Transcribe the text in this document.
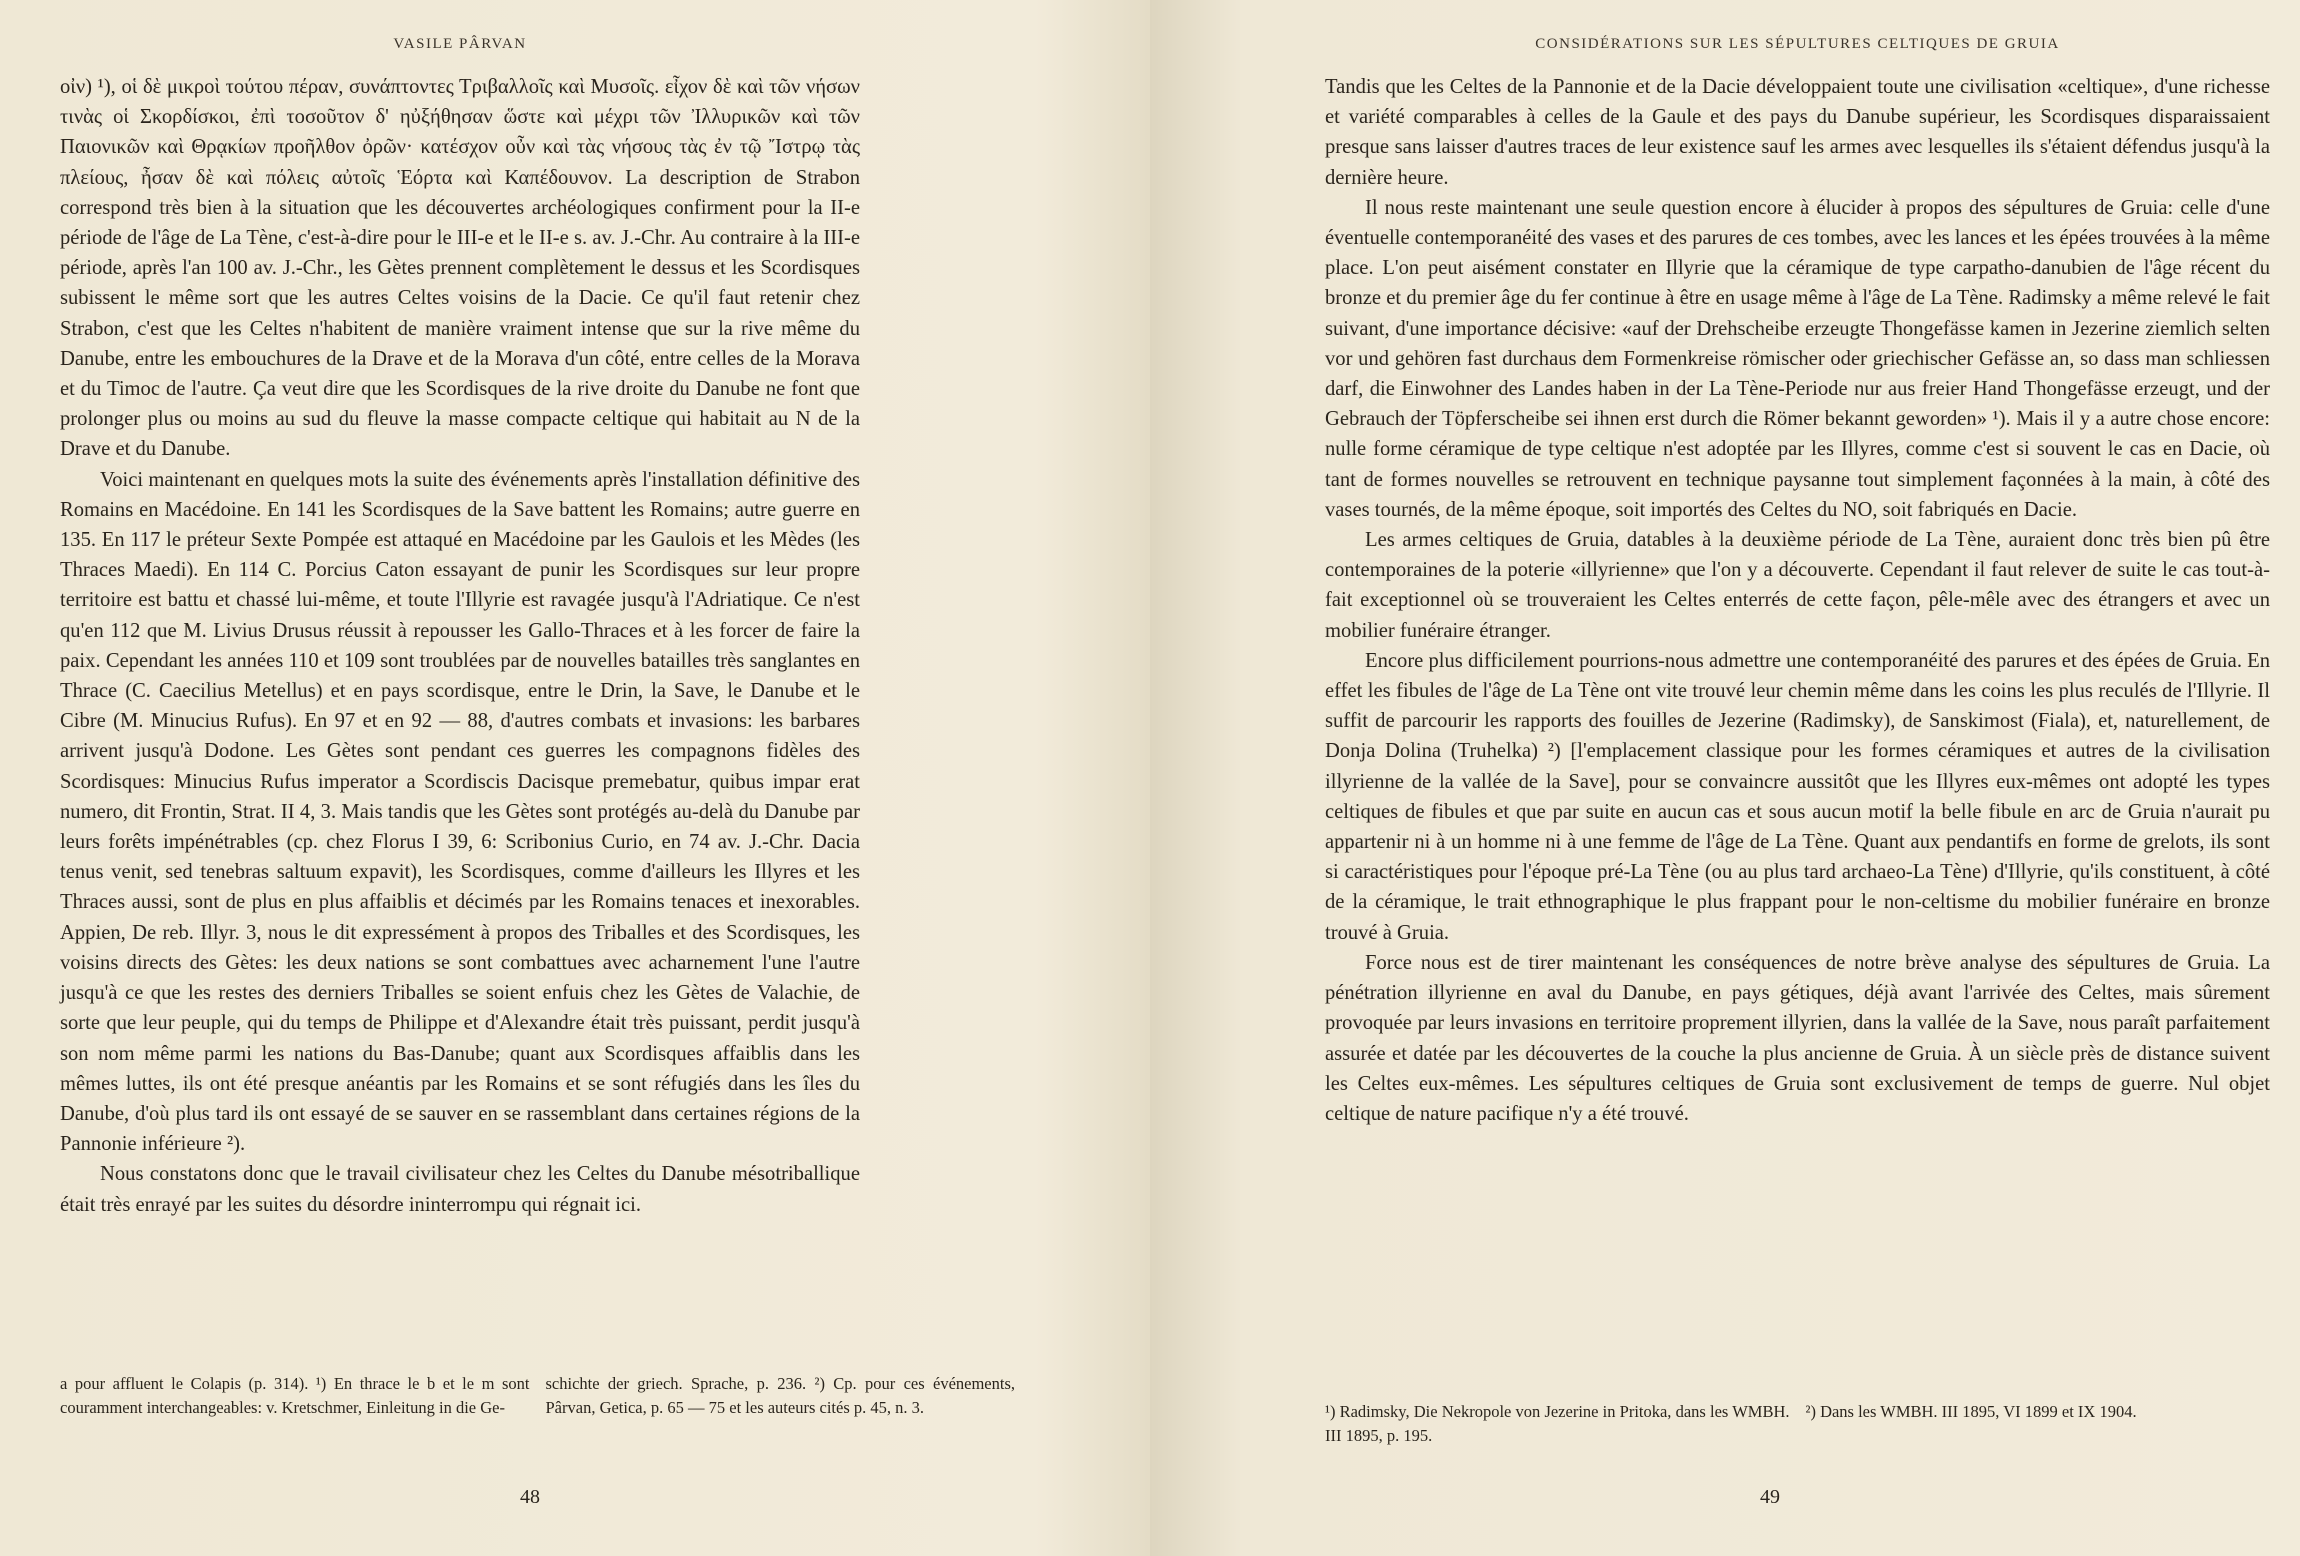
VASILE PÂRVAN

οἰν) ¹), οἱ δὲ μικροὶ τούτου πέραν, συνάπτοντες Τριβαλλοῖς καὶ Μυσοῖς. εἶχον δὲ καὶ τῶν νήσων τινὰς οἱ Σκορδίσκοι, ἐπὶ τοσοῦτον δ' ηὐξήθησαν ὥστε καὶ μέχρι τῶν Ἰλλυρικῶν καὶ τῶν Παιονικῶν καὶ Θρᾳκίων προῆλθον ὀρῶν· κατέσχον οὖν καὶ τὰς νήσους τὰς ἐν τῷ Ἴστρῳ τὰς πλείους, ἦσαν δὲ καὶ πόλεις αὐτοῖς Ἑόρτα καὶ Καπέδουνον. La description de Strabon correspond très bien à la situation que les découvertes archéologiques confirment pour la II-e période de l'âge de La Tène, c'est-à-dire pour le III-e et le II-e s. av. J.-Chr. Au contraire à la III-e période, après l'an 100 av. J.-Chr., les Gètes prennent complètement le dessus et les Scordisques subissent le même sort que les autres Celtes voisins de la Dacie. Ce qu'il faut retenir chez Strabon, c'est que les Celtes n'habitent de manière vraiment intense que sur la rive même du Danube, entre les embouchures de la Drave et de la Morava d'un côté, entre celles de la Morava et du Timoc de l'autre. Ça veut dire que les Scordisques de la rive droite du Danube ne font que prolonger plus ou moins au sud du fleuve la masse compacte celtique qui habitait au N de la Drave et du Danube.

Voici maintenant en quelques mots la suite des événements après l'installation définitive des Romains en Macédoine. En 141 les Scordisques de la Save battent les Romains; autre guerre en 135. En 117 le préteur Sexte Pompée est attaqué en Macédoine par les Gaulois et les Mèdes (les Thraces Maedi). En 114 C. Porcius Caton essayant de punir les Scordisques sur leur propre territoire est battu et chassé lui-même, et toute l'Illyrie est ravagée jusqu'à l'Adriatique. Ce n'est qu'en 112 que M. Livius Drusus réussit à repousser les Gallo-Thraces et à les forcer de faire la paix. Cependant les années 110 et 109 sont troublées par de nouvelles batailles très sanglantes en Thrace (C. Caecilius Metellus) et en pays scordisque, entre le Drin, la Save, le Danube et le Cibre (M. Minucius Rufus). En 97 et en 92 — 88, d'autres combats et invasions: les barbares arrivent jusqu'à Dodone. Les Gètes sont pendant ces guerres les compagnons fidèles des Scordisques: Minucius Rufus imperator a Scordiscis Dacisque premebatur, quibus impar erat numero, dit Frontin, Strat. II 4, 3. Mais tandis que les Gètes sont protégés au-delà du Danube par leurs forêts impénétrables (cp. chez Florus I 39, 6: Scribonius Curio, en 74 av. J.-Chr. Dacia tenus venit, sed tenebras saltuum expavit), les Scordisques, comme d'ailleurs les Illyres et les Thraces aussi, sont de plus en plus affaiblis et décimés par les Romains tenaces et inexorables. Appien, De reb. Illyr. 3, nous le dit expressément à propos des Triballes et des Scordisques, les voisins directs des Gètes: les deux nations se sont combattues avec acharnement l'une l'autre jusqu'à ce que les restes des derniers Triballes se soient enfuis chez les Gètes de Valachie, de sorte que leur peuple, qui du temps de Philippe et d'Alexandre était très puissant, perdit jusqu'à son nom même parmi les nations du Bas-Danube; quant aux Scordisques affaiblis dans les mêmes luttes, ils ont été presque anéantis par les Romains et se sont réfugiés dans les îles du Danube, d'où plus tard ils ont essayé de se sauver en se rassemblant dans certaines régions de la Pannonie inférieure ²).

Nous constatons donc que le travail civilisateur chez les Celtes du Danube mésotriballique était très enrayé par les suites du désordre ininterrompu qui régnait ici.

a pour affluent le Colapis (p. 314). ¹) En thrace le b et le m sont couramment interchangeables: v. Kretschmer, Einleitung in die Ge-

schichte der griech. Sprache, p. 236. ²) Cp. pour ces événements, Pârvan, Getica, p. 65 — 75 et les auteurs cités p. 45, n. 3.

48
CONSIDÉRATIONS SUR LES SÉPULTURES CELTIQUES DE GRUIA

Tandis que les Celtes de la Pannonie et de la Dacie développaient toute une civilisation «celtique», d'une richesse et variété comparables à celles de la Gaule et des pays du Danube supérieur, les Scordisques disparaissaient presque sans laisser d'autres traces de leur existence sauf les armes avec lesquelles ils s'étaient défendus jusqu'à la dernière heure.

Il nous reste maintenant une seule question encore à élucider à propos des sépultures de Gruia: celle d'une éventuelle contemporanéité des vases et des parures de ces tombes, avec les lances et les épées trouvées à la même place. L'on peut aisément constater en Illyrie que la céramique de type carpatho-danubien de l'âge récent du bronze et du premier âge du fer continue à être en usage même à l'âge de La Tène. Radimsky a même relevé le fait suivant, d'une importance décisive: «auf der Drehscheibe erzeugte Thongefässe kamen in Jezerine ziemlich selten vor und gehören fast durchaus dem Formenkreise römischer oder griechischer Gefässe an, so dass man schliessen darf, die Einwohner des Landes haben in der La Tène-Periode nur aus freier Hand Thongefässe erzeugt, und der Gebrauch der Töpferscheibe sei ihnen erst durch die Römer bekannt geworden» ¹). Mais il y a autre chose encore: nulle forme céramique de type celtique n'est adoptée par les Illyres, comme c'est si souvent le cas en Dacie, où tant de formes nouvelles se retrouvent en technique paysanne tout simplement façonnées à la main, à côté des vases tournés, de la même époque, soit importés des Celtes du NO, soit fabriqués en Dacie.

Les armes celtiques de Gruia, datables à la deuxième période de La Tène, auraient donc très bien pû être contemporaines de la poterie «illyrienne» que l'on y a découverte. Cependant il faut relever de suite le cas tout-à-fait exceptionnel où se trouveraient les Celtes enterrés de cette façon, pêle-mêle avec des étrangers et avec un mobilier funéraire étranger.

Encore plus difficilement pourrions-nous admettre une contemporanéité des parures et des épées de Gruia. En effet les fibules de l'âge de La Tène ont vite trouvé leur chemin même dans les coins les plus reculés de l'Illyrie. Il suffit de parcourir les rapports des fouilles de Jezerine (Radimsky), de Sanskimost (Fiala), et, naturellement, de Donja Dolina (Truhelka) ²) [l'emplacement classique pour les formes céramiques et autres de la civilisation illyrienne de la vallée de la Save], pour se convaincre aussitôt que les Illyres eux-mêmes ont adopté les types celtiques de fibules et que par suite en aucun cas et sous aucun motif la belle fibule en arc de Gruia n'aurait pu appartenir ni à un homme ni à une femme de l'âge de La Tène. Quant aux pendantifs en forme de grelots, ils sont si caractéristiques pour l'époque pré-La Tène (ou au plus tard archaeo-La Tène) d'Illyrie, qu'ils constituent, à côté de la céramique, le trait ethnographique le plus frappant pour le non-celtisme du mobilier funéraire en bronze trouvé à Gruia.

Force nous est de tirer maintenant les conséquences de notre brève analyse des sépultures de Gruia. La pénétration illyrienne en aval du Danube, en pays gétiques, déjà avant l'arrivée des Celtes, mais sûrement provoquée par leurs invasions en territoire proprement illyrien, dans la vallée de la Save, nous paraît parfaitement assurée et datée par les découvertes de la couche la plus ancienne de Gruia. À un siècle près de distance suivent les Celtes eux-mêmes. Les sépultures celtiques de Gruia sont exclusivement de temps de guerre. Nul objet celtique de nature pacifique n'y a été trouvé.

¹) Radimsky, Die Nekropole von Jezerine in Pritoka, dans les WMBH. III 1895, p. 195.

²) Dans les WMBH. III 1895, VI 1899 et IX 1904.

49
